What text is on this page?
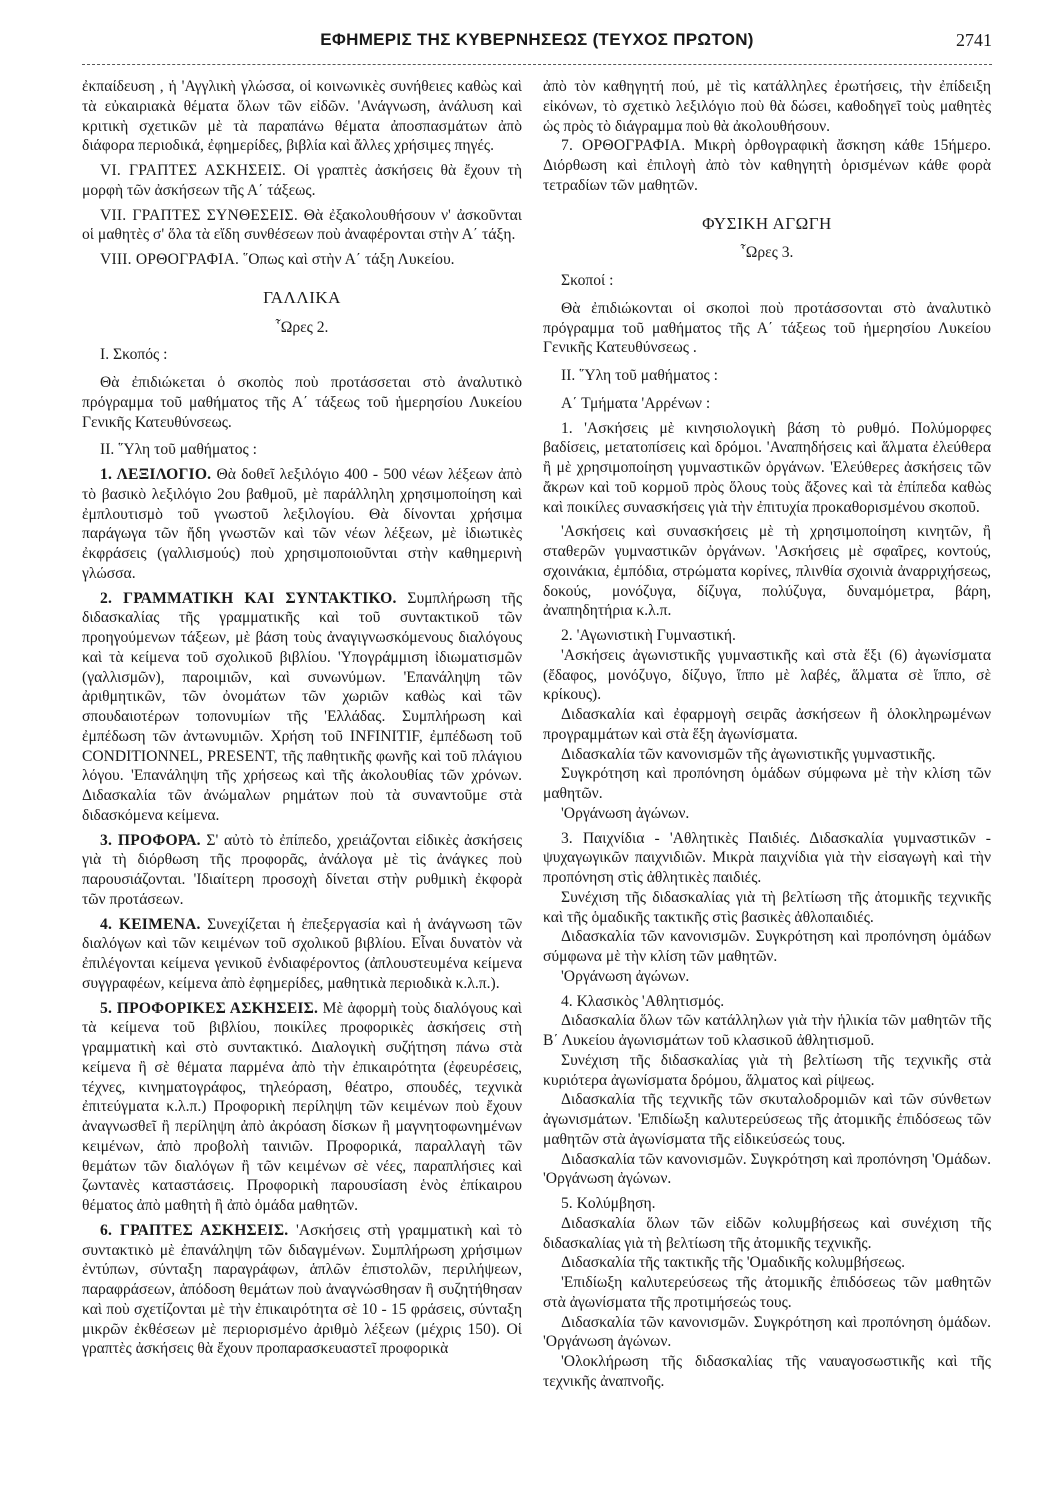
ΕΦΗΜΕΡΙΣ ΤΗΣ ΚΥΒΕΡΝΗΣΕΩΣ (ΤΕΥΧΟΣ ΠΡΩΤΟΝ)	2741

ἐκπαίδευση , ἡ 'Αγγλικὴ γλώσσα, οἱ κοινωνικὲς συνήθειες καθὼς καὶ τὰ εὐκαιριακὰ θέματα ὅλων τῶν εἰδῶν. 'Ανάγνωση, ἀνάλυση καὶ κριτικὴ σχετικῶν μὲ τὰ παραπάνω θέματα ἀποσπασμάτων ἀπὸ διάφορα περιοδικά, ἐφημερίδες, βιβλία καὶ ἄλλες χρήσιμες πηγές.

VI. ΓΡΑΠΤΕΣ ΑΣΚΗΣΕΙΣ. Οἱ γραπτὲς ἀσκήσεις θὰ ἔχουν τὴ μορφὴ τῶν ἀσκήσεων τῆς Α΄ τάξεως.

VII. ΓΡΑΠΤΕΣ ΣΥΝΘΕΣΕΙΣ. Θὰ ἐξακολουθήσουν ν' ἀσκοῦνται οἱ μαθητὲς σ' ὅλα τὰ εἴδη συνθέσεων ποὺ ἀναφέρονται στὴν Α΄ τάξη.

VIII. ΟΡΘΟΓΡΑΦΙΑ. ῞Οπως καὶ στὴν Α΄ τάξη Λυκείου.

ΓΑΛΛΙΚΑ

῟Ωρες 2.

Ι. Σκοπός :

Θὰ ἐπιδιώκεται ὁ σκοπὸς ποὺ προτάσσεται στὸ ἀναλυτικὸ πρόγραμμα τοῦ μαθήματος τῆς Α΄ τάξεως τοῦ ἡμερησίου Λυκείου Γενικῆς Κατευθύνσεως.

ΙΙ. ῞Υλη τοῦ μαθήματος :

1. ΛΕΞΙΛΟΓΙΟ. Θὰ δοθεῖ λεξιλόγιο 400 - 500 νέων λέξεων ἀπὸ τὸ βασικὸ λεξιλόγιο 2ου βαθμοῦ, μὲ παράλληλη χρησιμοποίηση καὶ ἐμπλουτισμὸ τοῦ γνωστοῦ λεξιλογίου. Θὰ δίνονται χρήσιμα παράγωγα τῶν ἤδη γνωστῶν καὶ τῶν νέων λέξεων, μὲ ἰδιωτικὲς ἐκφράσεις (γαλλισμούς) ποὺ χρησιμοποιοῦνται στὴν καθημερινὴ γλώσσα.

2. ΓΡΑΜΜΑΤΙΚΗ ΚΑΙ ΣΥΝΤΑΚΤΙΚΟ. Συμπλήρωση τῆς διδασκαλίας τῆς γραμματικῆς καὶ τοῦ συντακτικοῦ τῶν προηγούμενων τάξεων, μὲ βάση τοὺς ἀναγιγνωσκόμενους διαλόγους καὶ τὰ κείμενα τοῦ σχολικοῦ βιβλίου. 'Υπογράμμιση ἰδιωματισμῶν (γαλλισμῶν), παροιμιῶν, καὶ συνωνύμων. 'Επανάληψη τῶν ἀριθμητικῶν, τῶν ὀνομάτων τῶν χωριῶν καθὼς καὶ τῶν σπουδαιοτέρων τοπονυμίων τῆς 'Ελλάδας. Συμπλήρωση καὶ ἐμπέδωση τῶν ἀντωνυμιῶν. Χρήση τοῦ INFINITIF, ἐμπέδωση τοῦ CONDITIONNEL, PRESENT, τῆς παθητικῆς φωνῆς καὶ τοῦ πλάγιου λόγου. 'Επανάληψη τῆς χρήσεως καὶ τῆς ἀκολουθίας τῶν χρόνων. Διδασκαλία τῶν ἀνώμαλων ρημάτων ποὺ τὰ συναντοῦμε στὰ διδασκόμενα κείμενα.

3. ΠΡΟΦΟΡΑ. Σ' αὐτὸ τὸ ἐπίπεδο, χρειάζονται εἰδικὲς ἀσκήσεις γιὰ τὴ διόρθωση τῆς προφορᾶς, ἀνάλογα μὲ τὶς ἀνάγκες ποὺ παρουσιάζονται. 'Ιδιαίτερη προσοχὴ δίνεται στὴν ρυθμικὴ ἐκφορὰ τῶν προτάσεων.

4. ΚΕΙΜΕΝΑ. Συνεχίζεται ἡ ἐπεξεργασία καὶ ἡ ἀνάγνωση τῶν διαλόγων καὶ τῶν κειμένων τοῦ σχολικοῦ βιβλίου. Εἶναι δυνατὸν νὰ ἐπιλέγονται κείμενα γενικοῦ ἐνδιαφέροντος (ἀπλουστευμένα κείμενα συγγραφέων, κείμενα ἀπὸ ἐφημερίδες, μαθητικὰ περιοδικὰ κ.λ.π.).

5. ΠΡΟΦΟΡΙΚΕΣ ΑΣΚΗΣΕΙΣ. Μὲ ἀφορμὴ τοὺς διαλόγους καὶ τὰ κείμενα τοῦ βιβλίου, ποικίλες προφορικὲς ἀσκήσεις στὴ γραμματικὴ καὶ στὸ συντακτικό. Διαλογικὴ συζήτηση πάνω στὰ κείμενα ἢ σὲ θέματα παρμένα ἀπὸ τὴν ἐπικαιρότητα (ἐφευρέσεις, τέχνες, κινηματογράφος, τηλεόραση, θέατρο, σπουδές, τεχνικὰ ἐπιτεύγματα κ.λ.π.) Προφορικὴ περίληψη τῶν κειμένων ποὺ ἔχουν ἀναγνωσθεῖ ἢ περίληψη ἀπὸ ἀκρόαση δίσκων ἢ μαγνητοφωνημένων κειμένων, ἀπὸ προβολὴ ταινιῶν. Προφορικά, παραλλαγὴ τῶν θεμάτων τῶν διαλόγων ἢ τῶν κειμένων σὲ νέες, παραπλήσιες καὶ ζωντανὲς καταστάσεις. Προφορικὴ παρουσίαση ἑνὸς ἐπίκαιρου θέματος ἀπὸ μαθητὴ ἢ ἀπὸ ὁμάδα μαθητῶν.

6. ΓΡΑΠΤΕΣ ΑΣΚΗΣΕΙΣ. 'Ασκήσεις στὴ γραμματικὴ καὶ τὸ συντακτικὸ μὲ ἐπανάληψη τῶν διδαγμένων. Συμπλήρωση χρήσιμων ἐντύπων, σύνταξη παραγράφων, ἁπλῶν ἐπιστολῶν, περιλήψεων, παραφράσεων, ἀπόδοση θεμάτων ποὺ ἀναγνώσθησαν ἢ συζητήθησαν καὶ ποὺ σχετίζονται μὲ τὴν ἐπικαιρότητα σὲ 10 - 15 φράσεις, σύνταξη μικρῶν ἐκθέσεων μὲ περιορισμένο ἀριθμὸ λέξεων (μέχρις 150). Οἱ γραπτὲς ἀσκήσεις θὰ ἔχουν προπαρασκευαστεῖ προφορικὰ

ἀπὸ τὸν καθηγητή πού, μὲ τὶς κατάλληλες ἐρωτήσεις, τὴν ἐπίδειξη εἰκόνων, τὸ σχετικὸ λεξιλόγιο ποὺ θὰ δώσει, καθοδηγεῖ τοὺς μαθητὲς ὡς πρὸς τὸ διάγραμμα ποὺ θὰ ἀκολουθήσουν.

7. ΟΡΘΟΓΡΑΦΙΑ. Μικρὴ ὀρθογραφικὴ ἄσκηση κάθε 15ήμερο. Διόρθωση καὶ ἐπιλογὴ ἀπὸ τὸν καθηγητὴ ὁρισμένων κάθε φορὰ τετραδίων τῶν μαθητῶν.

ΦΥΣΙΚΗ ΑΓΩΓΗ

῟Ωρες 3.

Σκοποί :

Θὰ ἐπιδιώκονται οἱ σκοποὶ ποὺ προτάσσονται στὸ ἀναλυτικὸ πρόγραμμα τοῦ μαθήματος τῆς Α΄ τάξεως τοῦ ἡμερησίου Λυκείου Γενικῆς Κατευθύνσεως .

ΙΙ. ῞Υλη τοῦ μαθήματος :

Α΄ Τμήματα 'Αρρένων :

1. 'Ασκήσεις μὲ κινησιολογικὴ βάση τὸ ρυθμό. Πολύμορφες βαδίσεις, μετατοπίσεις καὶ δρόμοι. 'Αναπηδήσεις καὶ ἅλματα ἐλεύθερα ἢ μὲ χρησιμοποίηση γυμναστικῶν ὀργάνων. 'Ελεύθερες ἀσκήσεις τῶν ἄκρων καὶ τοῦ κορμοῦ πρὸς ὅλους τοὺς ἄξονες καὶ τὰ ἐπίπεδα καθὼς καὶ ποικίλες συνασκήσεις γιὰ τὴν ἐπιτυχία προκαθορισμένου σκοποῦ.

'Ασκήσεις καὶ συνασκήσεις μὲ τὴ χρησιμοποίηση κινητῶν, ἢ σταθερῶν γυμναστικῶν ὀργάνων. 'Ασκήσεις μὲ σφαῖρες, κοντούς, σχοινάκια, ἐμπόδια, στρώματα κορίνες, πλινθία σχοινιὰ ἀναρριχήσεως, δοκούς, μονόζυγα, δίζυγα, πολύζυγα, δυναμόμετρα, βάρη, ἀναπηδητήρια κ.λ.π.

2. 'Αγωνιστικὴ Γυμναστική.

'Ασκήσεις ἀγωνιστικῆς γυμναστικῆς καὶ στὰ ἕξι (6) ἀγωνίσματα (ἔδαφος, μονόζυγο, δίζυγο, ἵππο μὲ λαβές, ἅλματα σὲ ἵππο, σὲ κρίκους).

Διδασκαλία καὶ ἐφαρμογὴ σειρᾶς ἀσκήσεων ἢ ὁλοκληρωμένων προγραμμάτων καὶ στὰ ἕξη ἀγωνίσματα.

Διδασκαλία τῶν κανονισμῶν τῆς ἀγωνιστικῆς γυμναστικῆς.

Συγκρότηση καὶ προπόνηση ὁμάδων σύμφωνα μὲ τὴν κλίση τῶν μαθητῶν.

'Οργάνωση ἀγώνων.

3. Παιχνίδια - 'Αθλητικὲς Παιδιές. Διδασκαλία γυμναστικῶν - ψυχαγωγικῶν παιχνιδιῶν. Μικρὰ παιχνίδια γιὰ τὴν εἰσαγωγὴ καὶ τὴν προπόνηση στὶς ἀθλητικὲς παιδιές.

Συνέχιση τῆς διδασκαλίας γιὰ τὴ βελτίωση τῆς ἀτομικῆς τεχνικῆς καὶ τῆς ὁμαδικῆς τακτικῆς στὶς βασικὲς ἀθλοπαιδιές.

Διδασκαλία τῶν κανονισμῶν. Συγκρότηση καὶ προπόνηση ὁμάδων σύμφωνα μὲ τὴν κλίση τῶν μαθητῶν.

'Οργάνωση ἀγώνων.

4. Κλασικὸς 'Αθλητισμός.

Διδασκαλία ὅλων τῶν κατάλληλων γιὰ τὴν ἡλικία τῶν μαθητῶν τῆς Β΄ Λυκείου ἀγωνισμάτων τοῦ κλασικοῦ ἀθλητισμοῦ.

Συνέχιση τῆς διδασκαλίας γιὰ τὴ βελτίωση τῆς τεχνικῆς στὰ κυριότερα ἀγωνίσματα δρόμου, ἅλματος καὶ ρίψεως.

Διδασκαλία τῆς τεχνικῆς τῶν σκυταλοδρομιῶν καὶ τῶν σύνθετων ἀγωνισμάτων. 'Επιδίωξη καλυτερεύσεως τῆς ἀτομικῆς ἐπιδόσεως τῶν μαθητῶν στὰ ἀγωνίσματα τῆς εἰδικεύσεώς τους.

Διδασκαλία τῶν κανονισμῶν. Συγκρότηση καὶ προπόνηση 'Ομάδων. 'Οργάνωση ἀγώνων.

5. Κολύμβηση.

Διδασκαλία ὅλων τῶν εἰδῶν κολυμβήσεως καὶ συνέχιση τῆς διδασκαλίας γιὰ τὴ βελτίωση τῆς ἀτομικῆς τεχνικῆς.

Διδασκαλία τῆς τακτικῆς τῆς 'Ομαδικῆς κολυμβήσεως.

'Επιδίωξη καλυτερεύσεως τῆς ἀτομικῆς ἐπιδόσεως τῶν μαθητῶν στὰ ἀγωνίσματα τῆς προτιμήσεώς τους.

Διδασκαλία τῶν κανονισμῶν. Συγκρότηση καὶ προπόνηση ὁμάδων. 'Οργάνωση ἀγώνων.

'Ολοκλήρωση τῆς διδασκαλίας τῆς ναυαγοσωστικῆς καὶ τῆς τεχνικῆς ἀναπνοῆς.
